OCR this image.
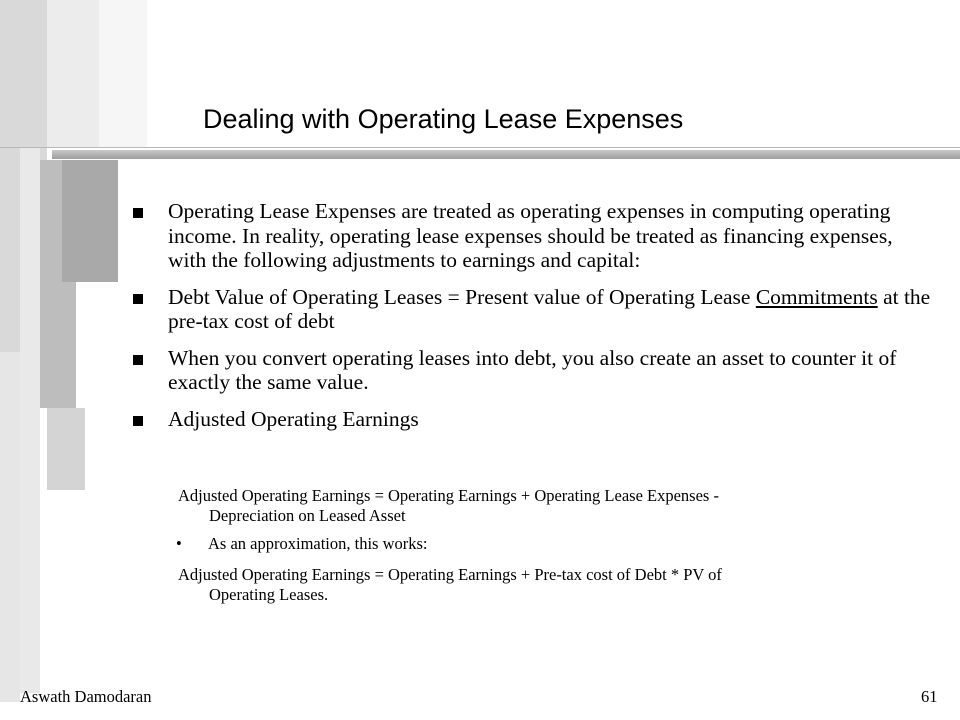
Dealing with Operating Lease Expenses
Operating Lease Expenses are treated as operating expenses in computing operating income. In reality, operating lease expenses should be treated as financing expenses, with the following adjustments to earnings and capital:
Debt Value of Operating Leases = Present value of Operating Lease Commitments at the pre-tax cost of debt
When you convert operating leases into debt, you also create an asset to counter it of exactly the same value.
Adjusted Operating Earnings
Adjusted Operating Earnings = Operating Earnings + Operating Lease Expenses -
Depreciation on Leased Asset
• As an approximation, this works:
Adjusted Operating Earnings = Operating Earnings + Pre-tax cost of Debt * PV of
Operating Leases.
Aswath Damodaran	61
